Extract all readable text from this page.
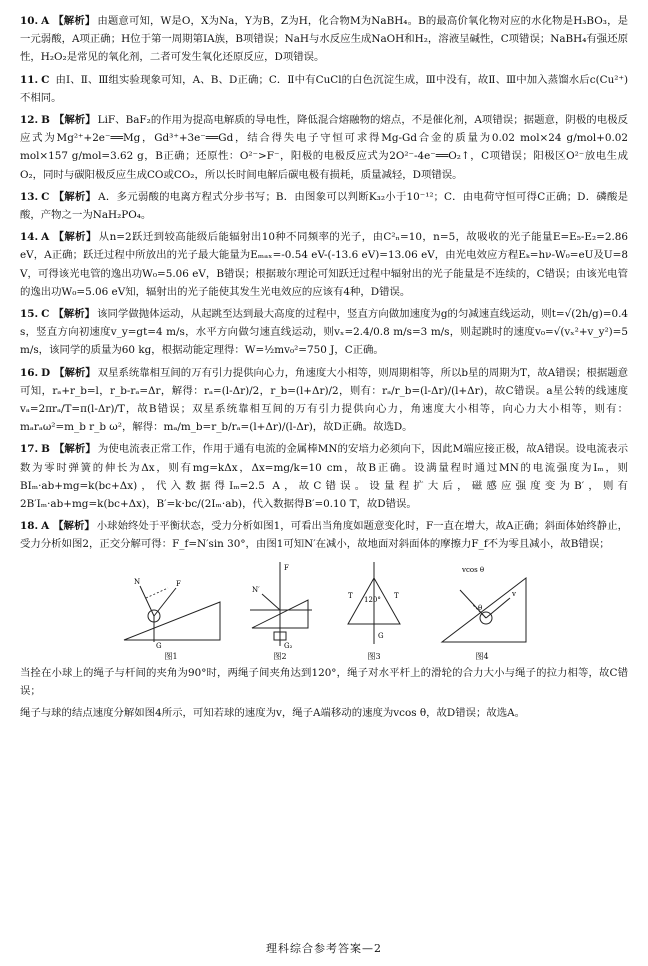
10. A 【解析】 由题意可知，W是O，X为Na，Y为B，Z为H，化合物M为NaBH₄。B的最高价氧化物对应的水化物是H₃BO₃，是一元弱酸，A项正确；H位于第一周期第ⅠA族，B项错误；NaH与水反应生成NaOH和H₂，溶液呈碱性，C项错误；NaBH₄有强还原性，H₂O₂是常见的氧化剂，二者可发生氧化还原反应，D项错误。

11. C 由Ⅰ、Ⅱ、Ⅲ组实验现象可知，A、B、D正确；C．Ⅱ中有CuCl的白色沉淀生成，Ⅲ中没有，故Ⅱ、Ⅲ中加入蒸馏水后c(Cu²⁺)不相同。

12. B 【解析】 LiF、BaF₂的作用为提高电解质的导电性，降低混合熔融物的熔点，不是催化剂，A项错误；据题意，阴极的电极反应式为Mg²⁺+2e⁻══Mg，Gd³⁺+3e⁻══Gd，结合得失电子守恒可求得Mg-Gd合金的质量为0.02 mol×24 g/mol+0.02 mol×157 g/mol=3.62 g，B正确；还原性：O²⁻>F⁻，阳极的电极反应式为2O²⁻-4e⁻══O₂↑，C项错误；阳极区O²⁻放电生成O₂，同时与碳阳极反应生成CO或CO₂，所以长时间电解后碳电极有损耗，质量减轻，D项错误。

13. C 【解析】 A．多元弱酸的电离方程式分步书写；B．由图象可以判断K₃₂小于10⁻¹²；C．由电荷守恒可得C正确；D．磷酸是酸，产物之一为NaH₂PO₄。

14. A 【解析】 从n=2跃迁到较高能级后能辐射出10种不同频率的光子，由C²ₙ=10，n=5，故吸收的光子能量E=E₅-E₂=2.86 eV，A正确；跃迁过程中所放出的光子最大能量为Eₘₐₓ=-0.54 eV-(-13.6 eV)=13.06 eV，由光电效应方程Eₖ=hν-W₀=eU及U=8 V，可得该光电管的逸出功W₀=5.06 eV，B错误；根据玻尔理论可知跃迁过程中辐射出的光子能量是不连续的，C错误；由该光电管的逸出功W₀=5.06 eV知，辐射出的光子能使其发生光电效应的应该有4种，D错误。

15. C 【解析】 该同学做抛体运动，从起跳至达到最大高度的过程中，竖直方向做加速度为g的匀减速直线运动，则t=√(2h/g)=0.4 s，竖直方向初速度v_y=gt=4 m/s，水平方向做匀速直线运动，则vₓ=2.4/0.8 m/s=3 m/s，则起跳时的速度v₀=√(vₓ²+v_y²)=5 m/s，该同学的质量为60 kg，根据动能定理得：W=½mv₀²=750 J，C正确。

16. D 【解析】 双星系统靠相互间的万有引力提供向心力，角速度大小相等，则周期相等，所以b星的周期为T，故A错误；根据题意可知，rₐ+r_b=l，r_b-rₐ=Δr，解得：rₐ=(l-Δr)/2，r_b=(l+Δr)/2，则有：rₐ/r_b=(l-Δr)/(l+Δr)，故C错误。a星公转的线速度vₐ=2πrₐ/T=π(l-Δr)/T，故B错误；双星系统靠相互间的万有引力提供向心力，角速度大小相等，向心力大小相等，则有：mₐrₐω²=m_b r_b ω²，解得：mₐ/m_b=r_b/rₐ=(l+Δr)/(l-Δr)，故D正确。故选D。

17. B 【解析】 为使电流表正常工作，作用于通有电流的金属棒MN的安培力必须向下，因此M端应接正极，故A错误。设电流表示数为零时弹簧的伸长为Δx，则有mg=kΔx，Δx=mg/k=10 cm，故B正确。设满量程时通过MN的电流强度为Iₘ，则BIₘ·ab+mg=k(bc+Δx)，代入数据得Iₘ=2.5 A，故C错误。设量程扩大后，磁感应强度变为B′，则有2B′Iₘ·ab+mg=k(bc+Δx)，B′=k·bc/(2Iₘ·ab)，代入数据得B′=0.10 T，故D错误。

18. A 【解析】 小球始终处于平衡状态，受力分析如图1，可看出当角度如题意变化时，F一直在增大，故A正确；斜面体始终静止，受力分析如图2，正交分解可得：F_f=N′sin 30°，由图1可知N′在减小，故地面对斜面体的摩擦力F_f不为零且减小，故B错误；

N	F
G
图1
F
N′
G₂
图2
120°
T	T
G
图3
vcos θ
θ
v
图4

当拴在小球上的绳子与杆间的夹角为90°时，两绳子间夹角达到120°，绳子对水平杆上的滑轮的合力大小与绳子的拉力相等，故C错误；

绳子与球的结点速度分解如图4所示，可知若球的速度为v，绳子A端移动的速度为vcos θ，故D错误；故选A。

理科综合参考答案—2
